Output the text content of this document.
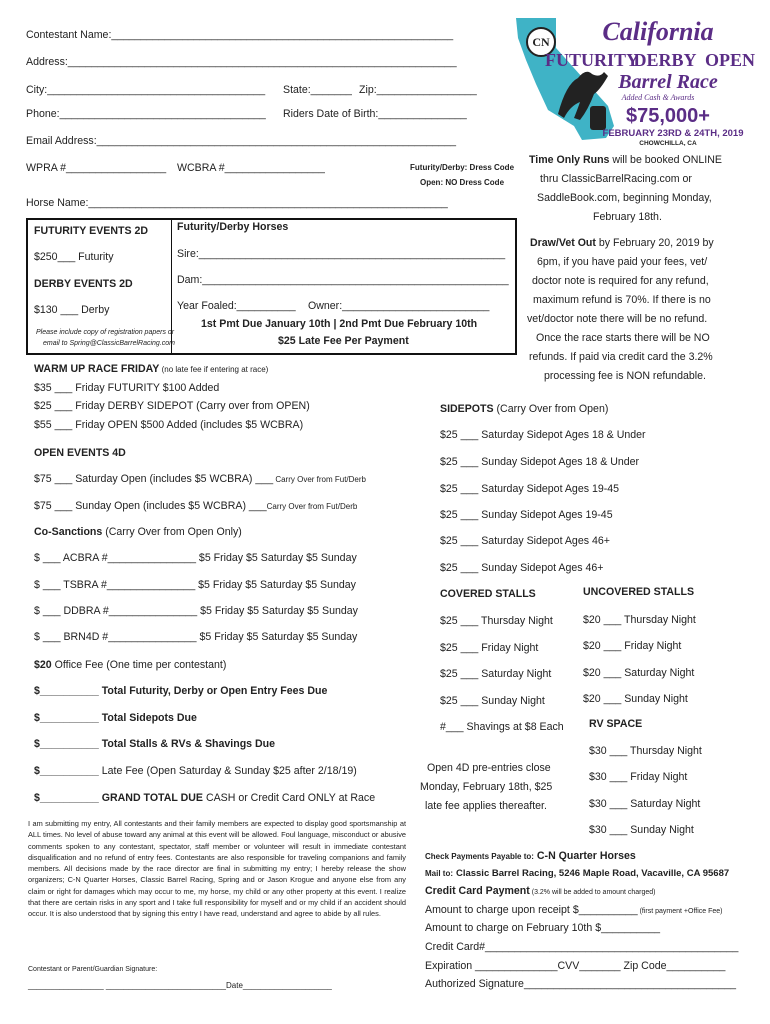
Contestant Name:__________________________________________________________
Address:__________________________________________________________________
City:_____________________________________ State:_______ Zip:_________________
Phone:___________________________________ Riders Date of Birth:_______________
Email Address:_____________________________________________________________
WPRA #_________________ WCBRA #_________________	Futurity/Derby: Dress Code
Open: NO Dress Code
Horse Name:_____________________________________________________________
CN California
FUTURITY
DERBY OPEN
Barrel Race
Added Cash & Awards
$75,000+
FEBRUARY 23RD & 24TH, 2019
CHOWCHILLA, CA
FUTURITY EVENTS 2D
$250___ Futurity
DERBY EVENTS 2D
$130 ___ Derby
Please include copy of registration papers or
email to Spring@ClassicBarrelRacing.com
Futurity/Derby Horses
Sire:____________________________________________________
Dam:____________________________________________________
Year Foaled:__________ Owner:_________________________
1st Pmt Due January 10th | 2nd Pmt Due February 10th
$25 Late Fee Per Payment
Time Only Runs will be booked ONLINE
thru ClassicBarrelRacing.com or
SaddleBook.com, beginning Monday,
February 18th.
Draw/Vet Out by February 20, 2019 by
6pm, if you have paid your fees, vet/
doctor note is required for any refund,
maximum refund is 70%. If there is no
vet/doctor note there will be no refund.
Once the race starts there will be NO
refunds. If paid via credit card the 3.2%
processing fee is NON refundable.
WARM UP RACE FRIDAY (no late fee if entering at race)
$35 ___ Friday FUTURITY $100 Added
$25 ___ Friday DERBY SIDEPOT (Carry over from OPEN)
$55 ___ Friday OPEN $500 Added (includes $5 WCBRA)
OPEN EVENTS 4D
$75 ___ Saturday Open (includes $5 WCBRA) ___ Carry Over from Fut/Derb
$75 ___ Sunday Open (includes $5 WCBRA) ___Carry Over from Fut/Derb
Co-Sanctions (Carry Over from Open Only)
$ ___ ACBRA #_______________ $5 Friday $5 Saturday $5 Sunday
$ ___ TSBRA #_______________ $5 Friday $5 Saturday $5 Sunday
$ ___ DDBRA #_______________ $5 Friday $5 Saturday $5 Sunday
$ ___ BRN4D #_______________ $5 Friday $5 Saturday $5 Sunday
$20 Office Fee (One time per contestant)
$__________ Total Futurity, Derby or Open Entry Fees Due
$__________ Total Sidepots Due
$__________ Total Stalls & RVs & Shavings Due
$__________ Late Fee (Open Saturday & Sunday $25 after 2/18/19)
$__________ GRAND TOTAL DUE CASH or Credit Card ONLY at Race
SIDEPOTS (Carry Over from Open)
$25 ___ Saturday Sidepot Ages 18 & Under
$25 ___ Sunday Sidepot Ages 18 & Under
$25 ___ Saturday Sidepot Ages 19-45
$25 ___ Sunday Sidepot Ages 19-45
$25 ___ Saturday Sidepot Ages 46+
$25 ___ Sunday Sidepot Ages 46+
COVERED STALLS
$25 ___ Thursday Night
$25 ___ Friday Night
$25 ___ Saturday Night
$25 ___ Sunday Night
#___ Shavings at $8 Each
UNCOVERED STALLS
$20 ___ Thursday Night
$20 ___ Friday Night
$20 ___ Saturday Night
$20 ___ Sunday Night
RV SPACE
$30 ___ Thursday Night
$30 ___ Friday Night
$30 ___ Saturday Night
$30 ___ Sunday Night
Open 4D pre-entries close
Monday, February 18th, $25
late fee applies thereafter.
I am submitting my entry, All contestants and their family members are expected to display good sportsmanship at ALL times. No level of abuse toward any animal at this event will be allowed. Foul language, misconduct or abusive comments spoken to any contestant, spectator, staff member or volunteer will result in immediate contestant disqualification and no refund of entry fees. Contestants are also responsible for traveling companions and family members. All decisions made by the race director are final in submitting my entry; I hereby release the show organizers; C-N Quarter Horses, Classic Barrel Racing, Spring and or Jason Krogue and anyone else from any claim or right for damages which may occur to me, my horse, my child or any other property at this event. I realize that there are certain risks in any sport and I take full responsibility for myself and or my child if an accident should occur. It is also understood that by signing this entry I have read, understand and agree to abide by all rules.
Contestant or Parent/Guardian Signature:
_________________ ___________________________Date____________________
Check Payments Payable to: C-N Quarter Horses
Mail to: Classic Barrel Racing, 5246 Maple Road, Vacaville, CA 95687
Credit Card Payment (3.2% will be added to amount charged)
Amount to charge upon receipt $__________ (first payment +Office Fee)
Amount to charge on February 10th $__________
Credit Card#___________________________________________
Expiration ______________CVV_______ Zip Code__________
Authorized Signature____________________________________
